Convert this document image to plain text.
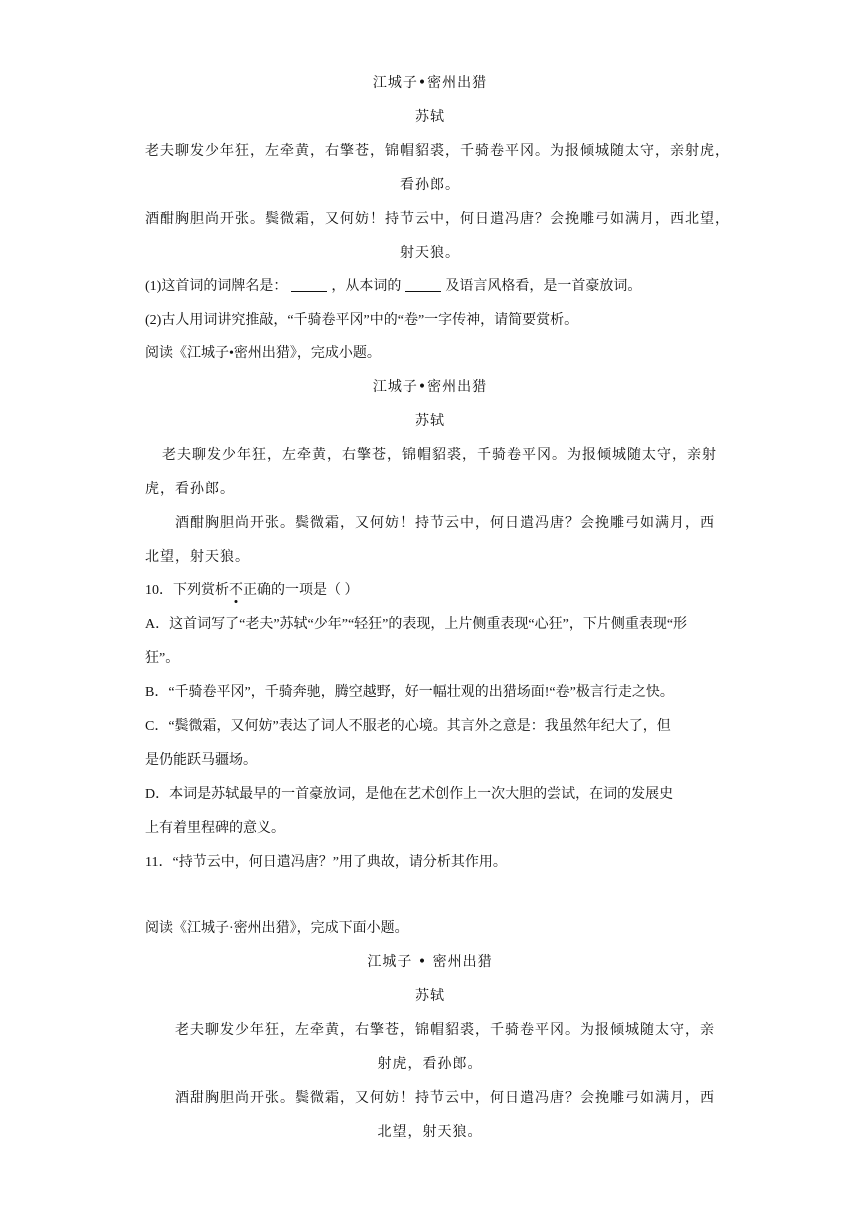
江城子•密州出猎
苏轼
老夫聊发少年狂，左牵黄，右擎苍，锦帽貂裘，千骑卷平冈。为报倾城随太守，亲射虎，
看孙郎。
酒酣胸胆尚开张。鬓微霜，又何妨！持节云中，何日遣冯唐？会挽雕弓如满月，西北望，
射天狼。
(1)这首词的词牌名是：	，从本词的	及语言风格看，是一首豪放词。
(2)古人用词讲究推敲，“千骑卷平冈”中的“卷”一字传神，请简要赏析。
阅读《江城子•密州出猎》，完成小题。
江城子•密州出猎
苏轼
老夫聊发少年狂，左牵黄，右擎苍，锦帽貂裘，千骑卷平冈。为报倾城随太守，亲射
虎，看孙郎。
酒酣胸胆尚开张。鬓微霜，又何妨！持节云中，何日遣冯唐？会挽雕弓如满月，西
北望，射天狼。
10．下列赏析不正确的一项是（ ）
A．这首词写了“老夫”苏轼“少年”“轻狂”的表现，上片侧重表现“心狂”，下片侧重表现“形
狂”。
B．“千骑卷平冈”，千骑奔驰，腾空越野，好一幅壮观的出猎场面!“卷”极言行走之快。
C．“鬓微霜，又何妨”表达了词人不服老的心境。其言外之意是：我虽然年纪大了，但
是仍能跃马疆场。
D．本词是苏轼最早的一首豪放词，是他在艺术创作上一次大胆的尝试，在词的发展史
上有着里程碑的意义。
11．“持节云中，何日遣冯唐？”用了典故，请分析其作用。
阅读《江城子·密州出猎》，完成下面小题。
江城子 • 密州出猎
苏轼
老夫聊发少年狂，左牵黄，右擎苍，锦帽貂裘，千骑卷平冈。为报倾城随太守，亲
射虎，看孙郎。
酒甜胸胆尚开张。鬓微霜，又何妨！持节云中，何日遣冯唐？会挽雕弓如满月，西
北望，射天狼。
